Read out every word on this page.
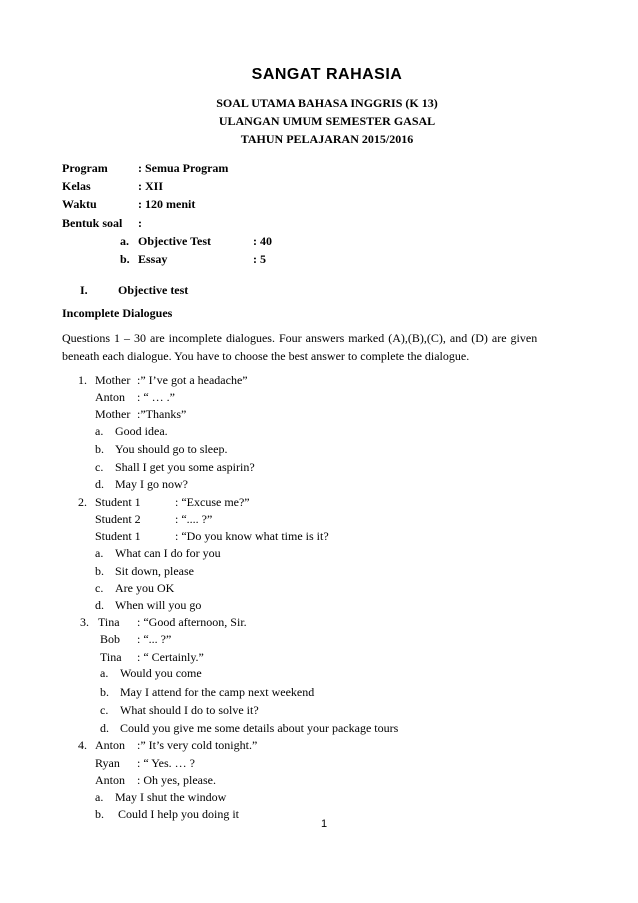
SANGAT RAHASIA
SOAL UTAMA BAHASA INGGRIS (K 13)
ULANGAN UMUM SEMESTER GASAL
TAHUN PELAJARAN 2015/2016
Program	: Semua Program
Kelas	: XII
Waktu	: 120 menit
Bentuk soal :
a. Objective Test	: 40
b. Essay	: 5
I.	Objective test
Incomplete Dialogues
Questions 1 – 30 are incomplete dialogues. Four answers marked (A),(B),(C), and (D) are given
beneath each dialogue. You have to choose the best answer to complete the dialogue.
1. Mother :” I’ve got a headache”
Anton : “ … .”
Mother :”Thanks”
a. Good idea.
b. You should go to sleep.
c. Shall I get you some aspirin?
d. May I go now?
2. Student 1	: “Excuse me?”
Student 2	: “.... ?”
Student 1	: “Do you know what time is it?
a. What can I do for you
b. Sit down, please
c. Are you OK
d. When will you go
3. Tina : “Good afternoon, Sir.
Bob : “... ?”
Tina : “ Certainly.”
a. Would you come
b. May I attend for the camp next weekend
c. What should I do to solve it?
d. Could you give me some details about your package tours
4. Anton :” It’s very cold tonight.”
Ryan : “ Yes. … ?
Anton : Oh yes, please.
a. May I shut the window
b. Could I help you doing it
1
